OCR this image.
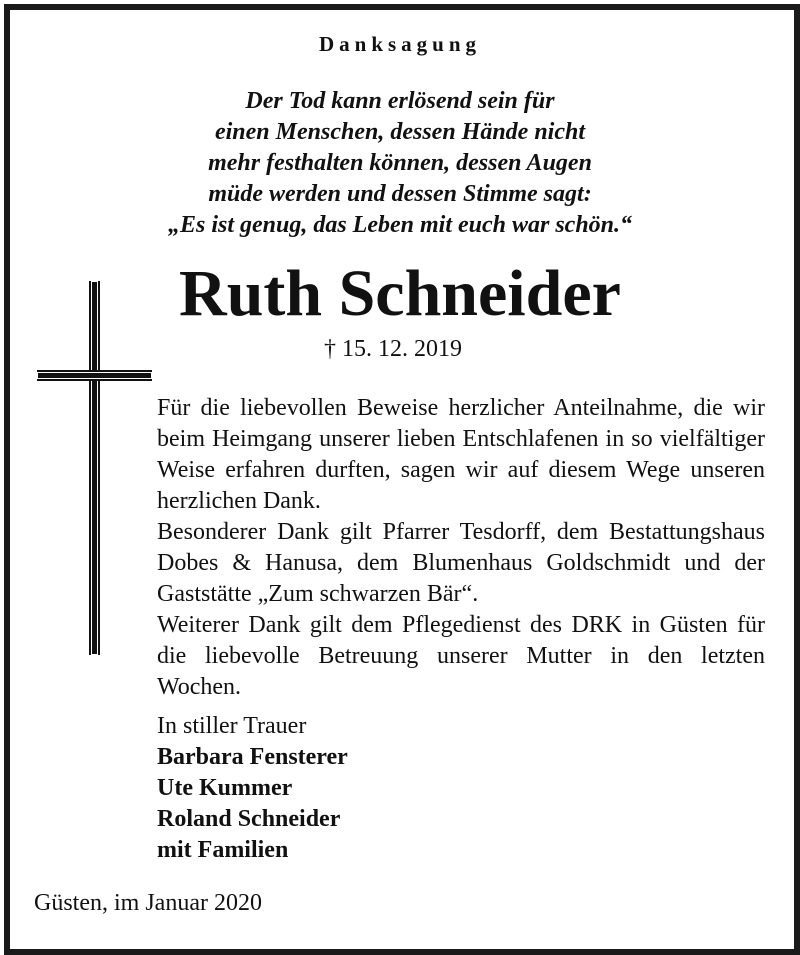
Danksagung
Der Tod kann erlösend sein für
einen Menschen, dessen Hände nicht
mehr festhalten können, dessen Augen
müde werden und dessen Stimme sagt:
„Es ist genug, das Leben mit euch war schön.“
Ruth Schneider
† 15. 12. 2019

Für die liebevollen Beweise herzlicher Anteilnahme, die wir beim Heimgang unserer lieben Entschlafenen in so vielfältiger Weise erfahren durften, sagen wir auf diesem Wege unseren herzlichen Dank.

Besonderer Dank gilt Pfarrer Tesdorff, dem Bestattungshaus Dobes & Hanusa, dem Blumenhaus Goldschmidt und der Gaststätte „Zum schwarzen Bär“.

Weiterer Dank gilt dem Pflegedienst des DRK in Güsten für die liebevolle Betreuung unserer Mutter in den letzten Wochen.

In stiller Trauer
Barbara Fensterer
Ute Kummer
Roland Schneider
mit Familien
Güsten, im Januar 2020
